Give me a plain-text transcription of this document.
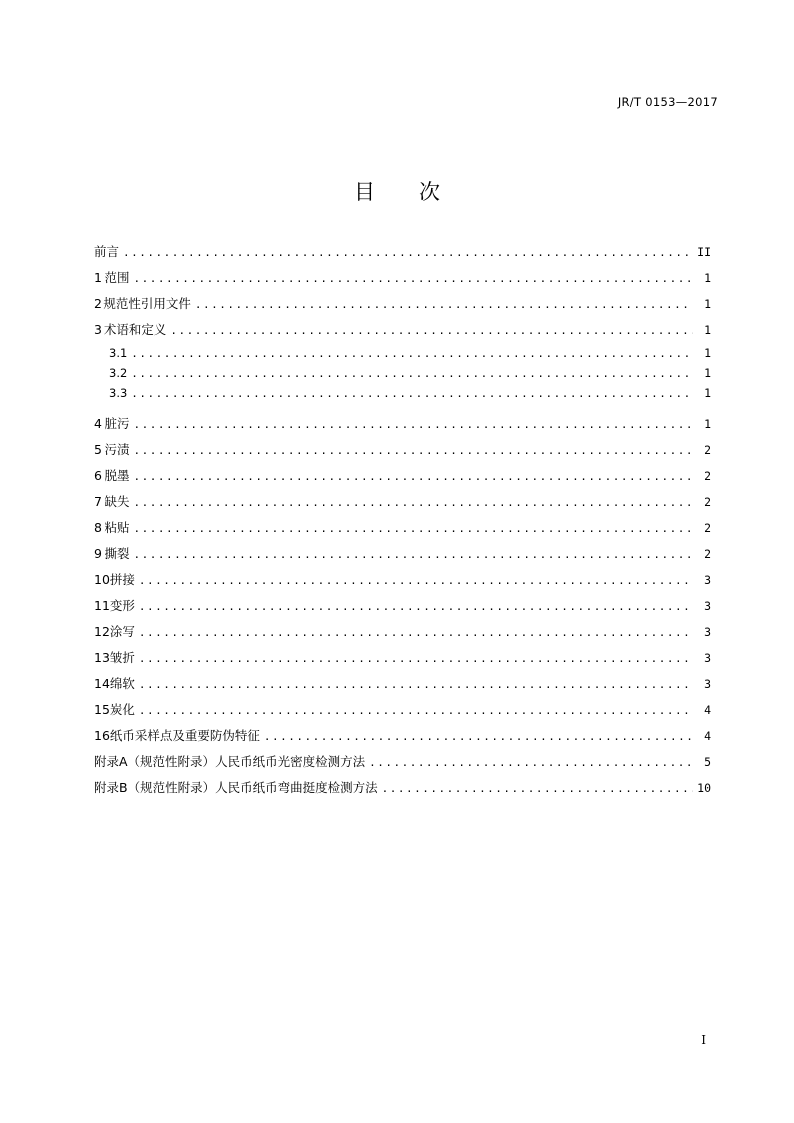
JR/T 0153—2017
目 次
前言 .....	II
1 范围 .....	1
2 规范性引用文件 .....	1
3 术语和定义 .....	1
3.1 .....	1
3.2 .....	1
3.3 .....	1
4 脏污 .....	1
5 污渍 .....	2
6 脱墨 .....	2
7 缺失 .....	2
8 粘贴 .....	2
9 撕裂 .....	2
10 拼接 .....	3
11 变形 .....	3
12 涂写 .....	3
13 皱折 .....	3
14 绵软 .....	3
15 炭化 .....	4
16 纸币采样点及重要防伪特征 .....	4
附录A（规范性附录） 人民币纸币光密度检测方法 .....	5
附录B（规范性附录） 人民币纸币弯曲挺度检测方法 .....	10
I
